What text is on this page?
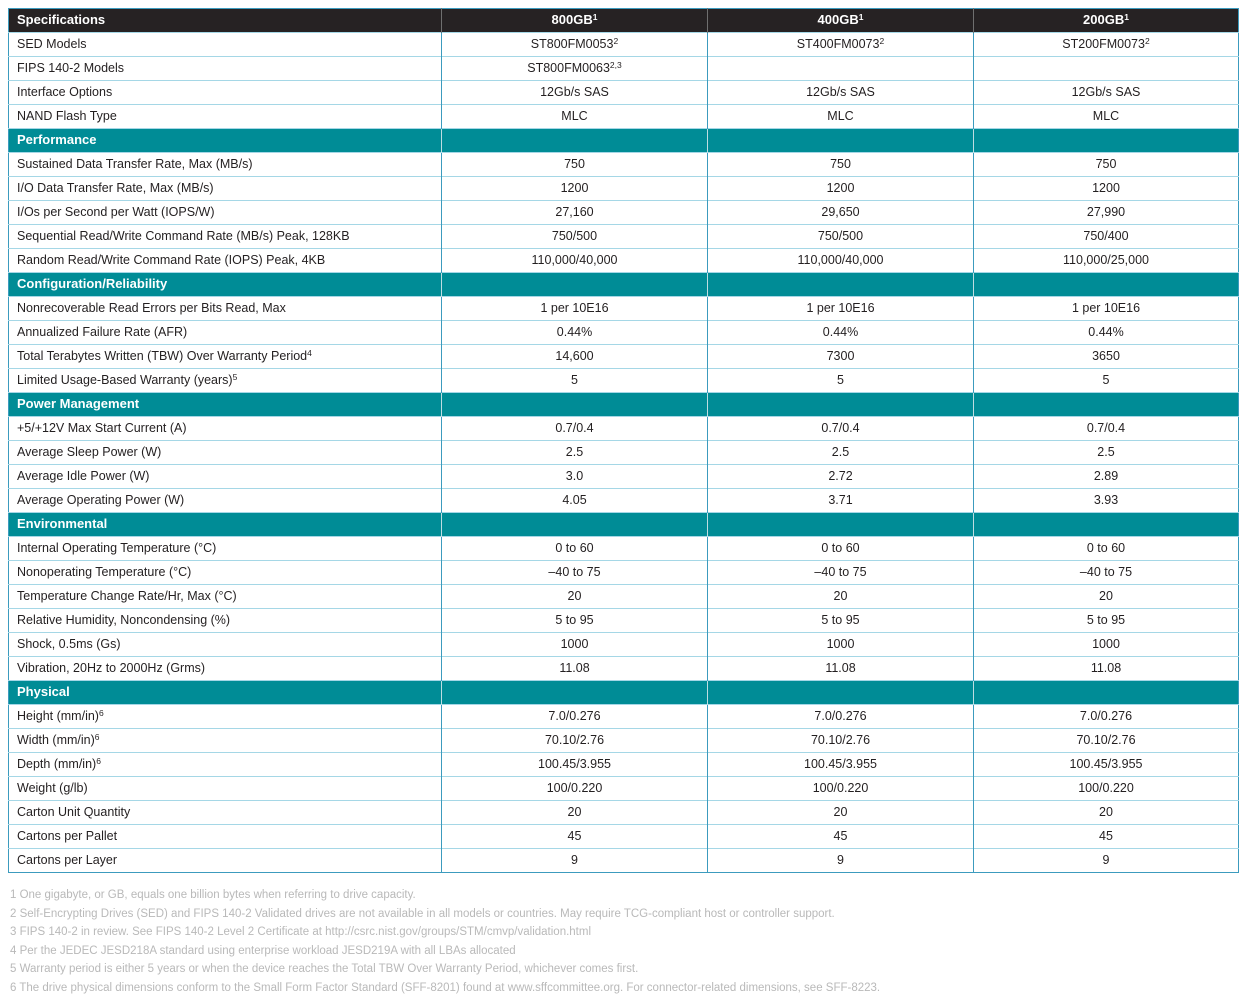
Specifications	$800GB^1$	$400GB^1$	$200GB^1$
SED Models	ST800FM0053$^2$	ST400FM0073$^2$	ST200FM0073$^2$
FIPS 140-2 Models	ST800FM0063$^{2,3}$		
Interface Options	12Gb/s SAS	12Gb/s SAS	12Gb/s SAS
NAND Flash Type	MLC	MLC	MLC
Performance			
Sustained Data Transfer Rate, Max (MB/s)	750	750	750
I/O Data Transfer Rate, Max (MB/s)	1200	1200	1200
I/Os per Second per Watt (IOPS/W)	27,160	29,650	27,990
Sequential Read/Write Command Rate (MB/s) Peak, 128KB	750/500	750/500	750/400
Random Read/Write Command Rate (IOPS) Peak, 4KB	110,000/40,000	110,000/40,000	110,000/25,000
Configuration/Reliability			
Nonrecoverable Read Errors per Bits Read, Max	1 per 10E16	1 per 10E16	1 per 10E16
Annualized Failure Rate (AFR)	0.44%	0.44%	0.44%
Total Terabytes Written (TBW) Over Warranty Period$^4$	14,600	7300	3650
Limited Usage-Based Warranty (years)$^5$	5	5	5
Power Management			
+5/+12V Max Start Current (A)	0.7/0.4	0.7/0.4	0.7/0.4
Average Sleep Power (W)	2.5	2.5	2.5
Average Idle Power (W)	3.0	2.72	2.89
Average Operating Power (W)	4.05	3.71	3.93
Environmental			
Internal Operating Temperature (°C)	0 to 60	0 to 60	0 to 60
Nonoperating Temperature (°C)	–40 to 75	–40 to 75	–40 to 75
Temperature Change Rate/Hr, Max (°C)	20	20	20
Relative Humidity, Noncondensing (%)	5 to 95	5 to 95	5 to 95
Shock, 0.5ms (Gs)	1000	1000	1000
Vibration, 20Hz to 2000Hz (Grms)	11.08	11.08	11.08
Physical			
Height $(mm/in)^6$	7.0/0.276	7.0/0.276	7.0/0.276
Width $(mm/in)^6$	70.10/2.76	70.10/2.76	70.10/2.76
Depth $(mm/in)^6$	100.45/3.955	100.45/3.955	100.45/3.955
Weight (g/lb)	100/0.220	100/0.220	100/0.220
Carton Unit Quantity	20	20	20
Cartons per Pallet	45	45	45
Cartons per Layer	9	9	9
1 One gigabyte, or GB, equals one billion bytes when referring to drive capacity.
2 Self-Encrypting Drives (SED) and FIPS 140-2 Validated drives are not available in all models or countries. May require TCG-compliant host or controller support.
3 FIPS 140-2 in review. See FIPS 140-2 Level 2 Certificate at http://csrc.nist.gov/groups/STM/cmvp/validation.html
4 Per the JEDEC JESD218A standard using enterprise workload JESD219A with all LBAs allocated
5 Warranty period is either 5 years or when the device reaches the Total TBW Over Warranty Period, whichever comes first.
6 The drive physical dimensions conform to the Small Form Factor Standard (SFF-8201) found at www.sffcommittee.org. For connector-related dimensions, see SFF-8223.
